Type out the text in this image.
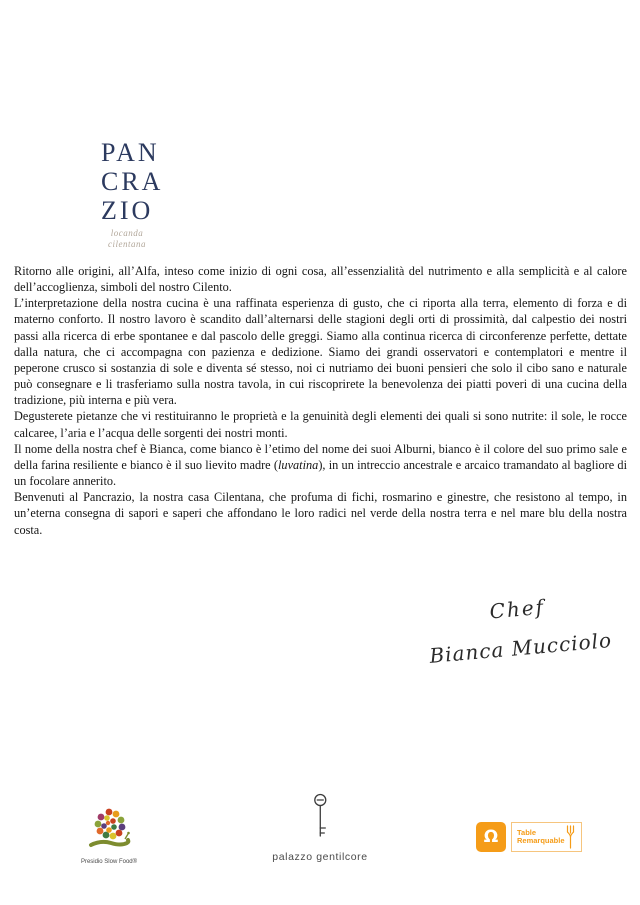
PAN
CRA
ZIO
locanda
cilentana

Ritorno alle origini, all’Alfa, inteso come inizio di ogni cosa, all’essenzialità del nutrimento e alla semplicità e al calore dell’accoglienza, simboli del nostro Cilento.

L’interpretazione della nostra cucina è una raffinata esperienza di gusto, che ci riporta alla terra, elemento di forza e di materno conforto. Il nostro lavoro è scandito dall’alternarsi delle stagioni degli orti di prossimità, dal calpestio dei nostri passi alla ricerca di erbe spontanee e dal pascolo delle greggi. Siamo alla continua ricerca di circonferenze perfette, dettate dalla natura, che ci accompagna con pazienza e dedizione. Siamo dei grandi osservatori e contemplatori e mentre il peperone crusco si sostanzia di sole e diventa sé stesso, noi ci nutriamo dei buoni pensieri che solo il cibo sano e naturale può consegnare e li trasferiamo sulla nostra tavola, in cui riscoprirete la benevolenza dei piatti poveri di una cucina della tradizione, più interna e più vera.

Degusterete pietanze che vi restituiranno le proprietà e la genuinità degli elementi dei quali si sono nutrite: il sole, le rocce calcaree, l’aria e l’acqua delle sorgenti dei nostri monti.

Il nome della nostra chef è Bianca, come bianco è l’etimo del nome dei suoi Alburni, bianco è il colore del suo primo sale e della farina resiliente e bianco è il suo lievito madre (luvatina), in un intreccio ancestrale e arcaico tramandato al bagliore di un focolare annerito.

Benvenuti al Pancrazio, la nostra casa Cilentana, che profuma di fichi, rosmarino e ginestre, che resistono al tempo, in un’eterna consegna di sapori e saperi che affondano le loro radici nel verde della nostra terra e nel mare blu della nostra costa.

Chef
Bianca Mucciolo
Presidio Slow Food®	palazzo gentilcore
Ω	Table Remarquable
